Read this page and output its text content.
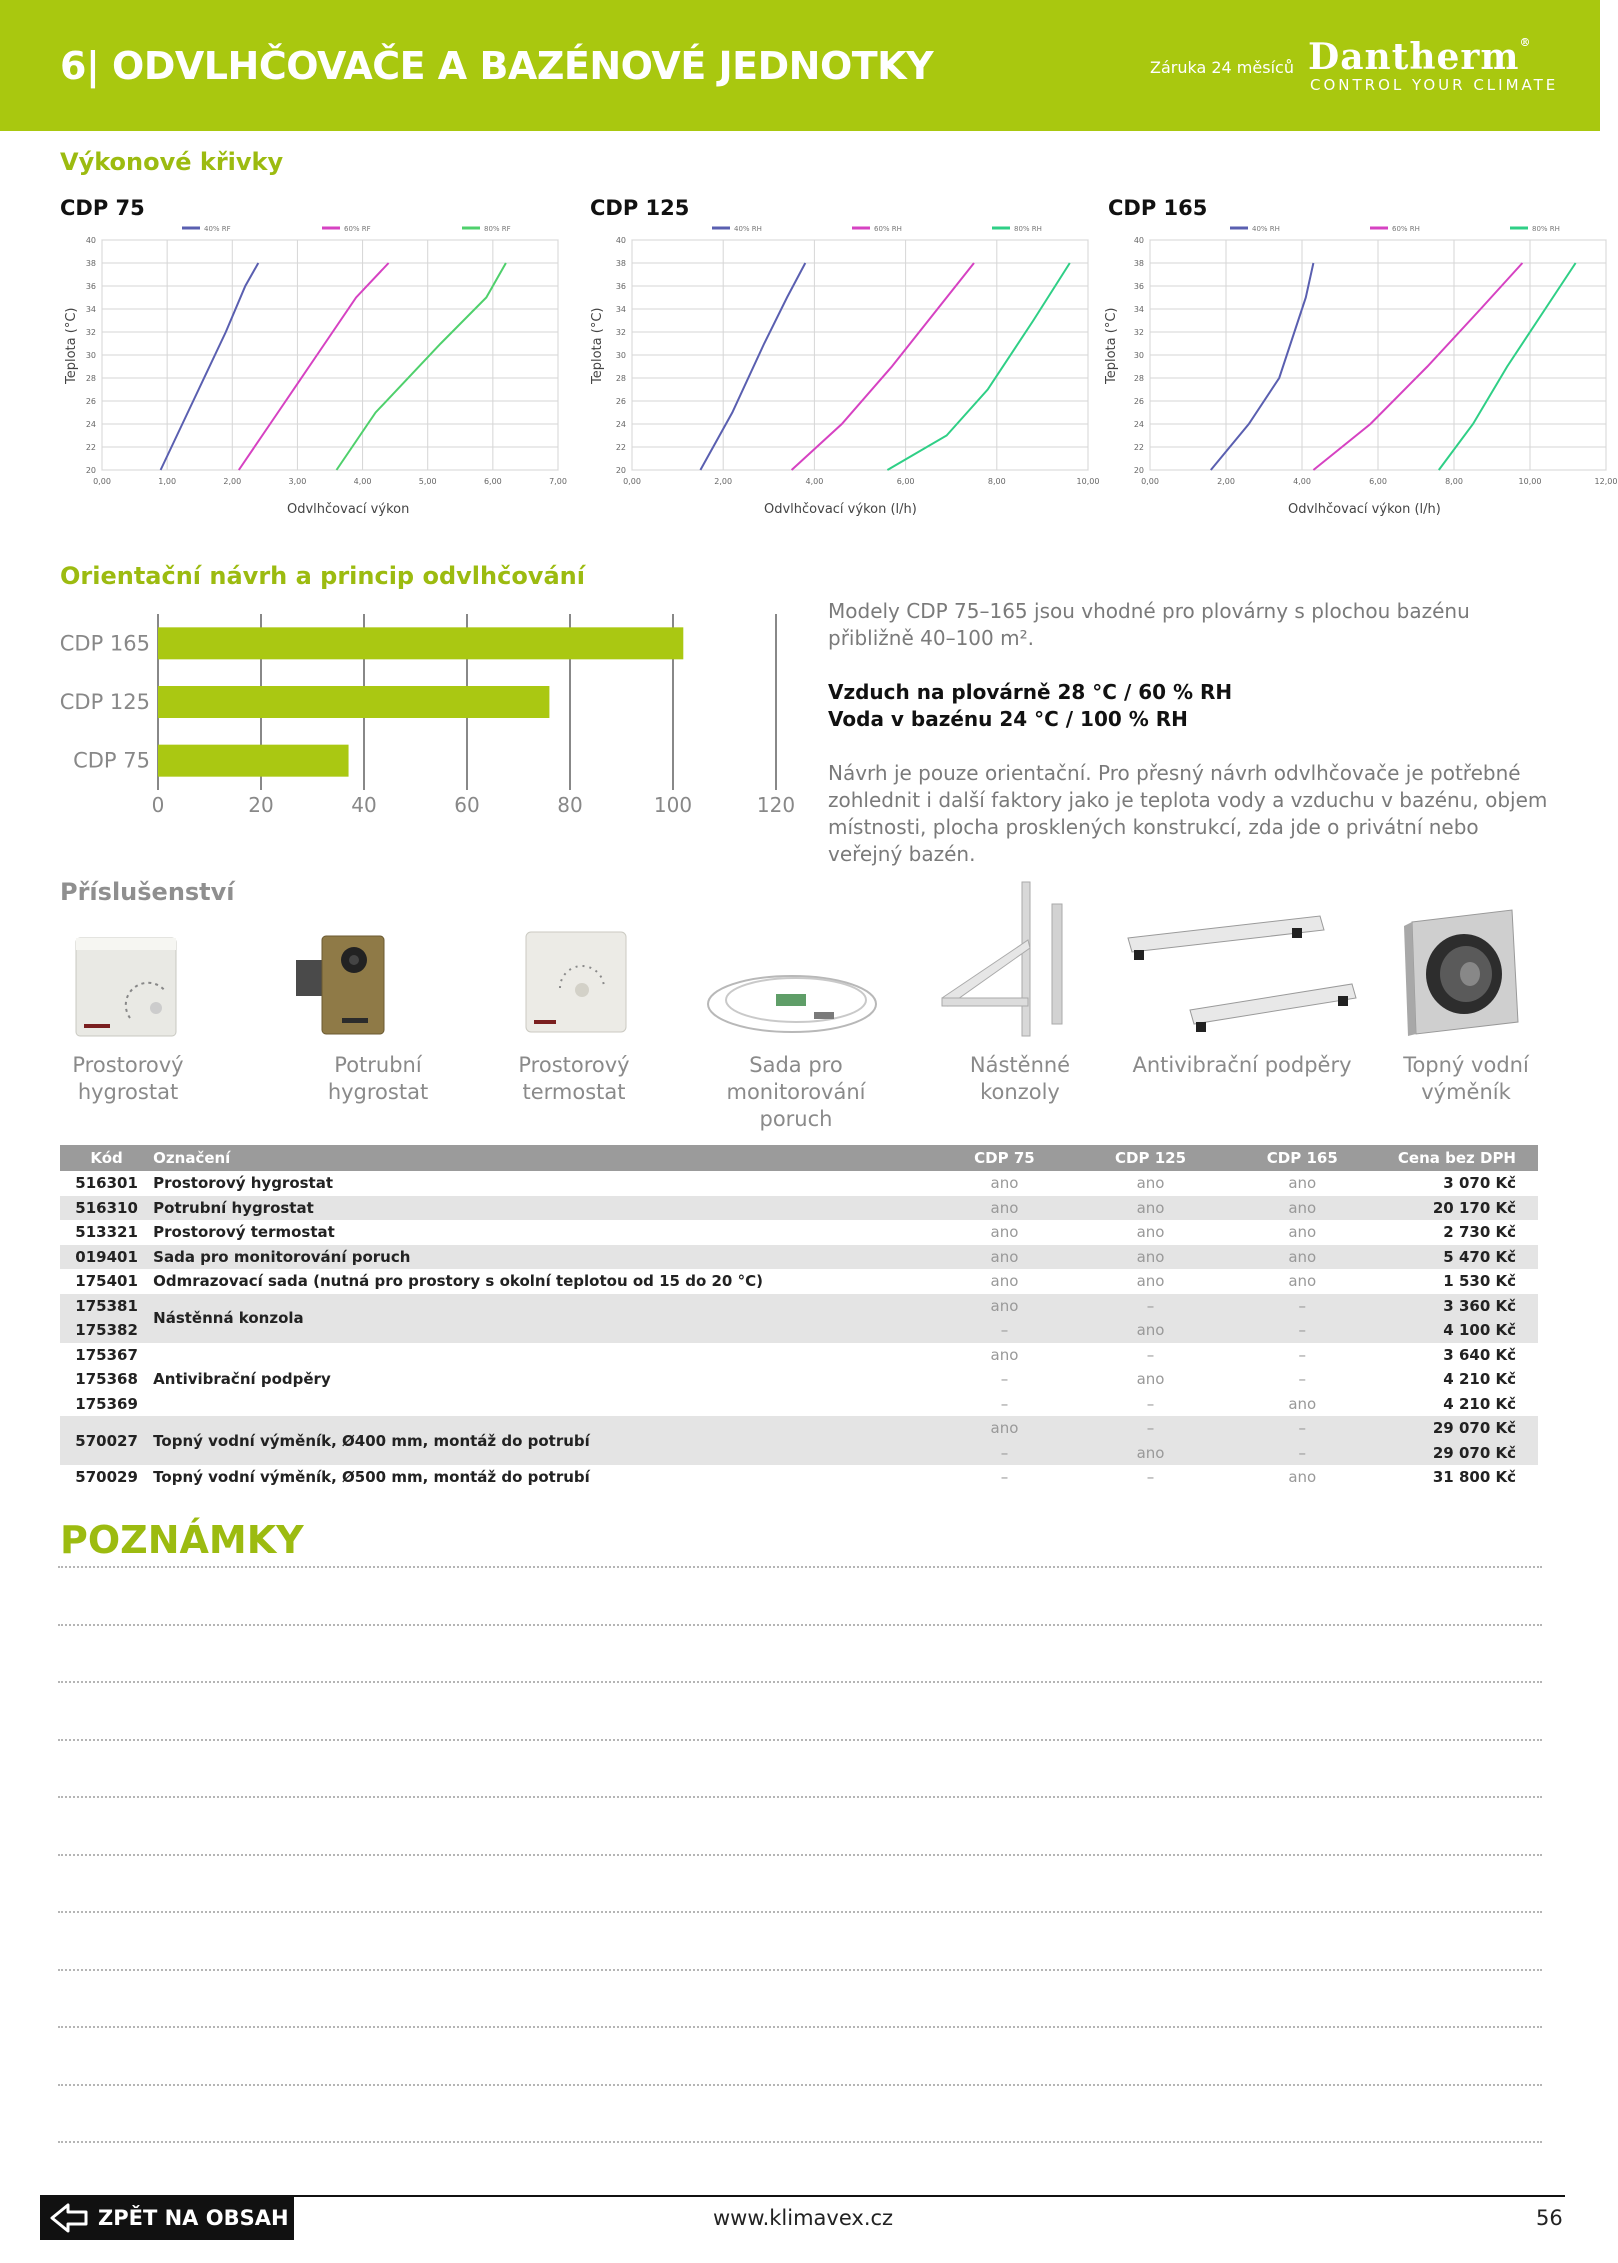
6| ODVLHČOVAČE A BAZÉNOVÉ JEDNOTKY	Záruka 24 měsíců Dantherm®
CONTROL YOUR CLIMATE
Výkonové křivky
CDP 75
20
22
24
26
28
30
32
34
36
38
40
0,00	1,00	2,00	3,00	4,00	5,00	6,00	7,00
40% RF	60% RF	80% RF
Teplota (°C)
Odvlhčovací výkon
CDP 125
20
22
24
26
28
30
32
34
36
38
40
0,00	2,00	4,00	6,00	8,00	10,00
40% RH	60% RH	80% RH
Teplota (°C)
Odvlhčovací výkon (l/h)
CDP 165
20
22
24
26
28
30
32
34
36
38
40
0,00	2,00	4,00	6,00	8,00	10,00	12,00
40% RH	60% RH	80% RH
Teplota (°C)
Odvlhčovací výkon (l/h)
Orientační návrh a princip odvlhčování
0	20	40	60	80	100	120
CDP 165
CDP 125
CDP 75
Modely CDP 75–165 jsou vhodné pro plovárny s plochou bazénu přibližně 40–100 m².
Vzduch na plovárně 28 °C / 60 % RH
Voda v bazénu 24 °C / 100 % RH
Návrh je pouze orientační. Pro přesný návrh odvlhčovače je potřebné zohlednit i další faktory jako je teplota vody a vzduchu v bazénu, objem místnosti, plocha prosklených konstrukcí, zda jde o privátní nebo veřejný bazén.
Příslušenství
Prostorový
hygrostat
Potrubní
hygrostat
Prostorový
termostat
Sada pro
monitorování
poruch
Nástěnné
konzoly
Antivibrační podpěry	Topný vodní
výměník
Kód	Označení	CDP 75	CDP 125	CDP 165	Cena bez DPH
516301	Prostorový hygrostat	ano	ano	ano	3 070 Kč
516310	Potrubní hygrostat	ano	ano	ano	20 170 Kč
513321	Prostorový termostat	ano	ano	ano	2 730 Kč
019401	Sada pro monitorování poruch	ano	ano	ano	5 470 Kč
175401	Odmrazovací sada (nutná pro prostory s okolní teplotou od 15 do 20 °C)	ano	ano	ano	1 530 Kč
175381	Nástěnná konzola	ano	–	–	3 360 Kč
175382		–	ano	–	4 100 Kč
175367		ano	–	–	3 640 Kč
175368	Antivibrační podpěry	–	ano	–	4 210 Kč
175369		–	–	ano	4 210 Kč
570027	Topný vodní výměník, Ø400 mm, montáž do potrubí	ano	–	–	29 070 Kč
		–	ano	–	29 070 Kč
570029	Topný vodní výměník, Ø500 mm, montáž do potrubí	–	–	ano	31 800 Kč
POZNÁMKY
ZPĚT NA OBSAH	www.klimavex.cz	56
